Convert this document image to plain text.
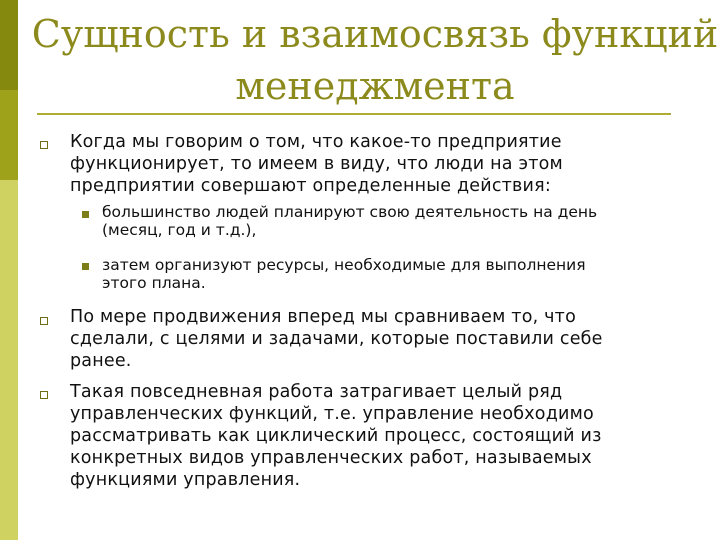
Сущность и взаимосвязь функций
менеджмента
Когда мы говорим о том, что какое-то предприятие
функционирует, то имеем в виду, что люди на этом
предприятии совершают определенные действия:
большинство людей планируют свою деятельность на день
(месяц, год и т.д.),
затем организуют ресурсы, необходимые для выполнения
этого плана.
По мере продвижения вперед мы сравниваем то, что
сделали, с целями и задачами, которые поставили себе
ранее.
Такая повседневная работа затрагивает целый ряд
управленческих функций, т.е. управление необходимо
рассматривать как циклический процесс, состоящий из
конкретных видов управленческих работ, называемых
функциями управления.
